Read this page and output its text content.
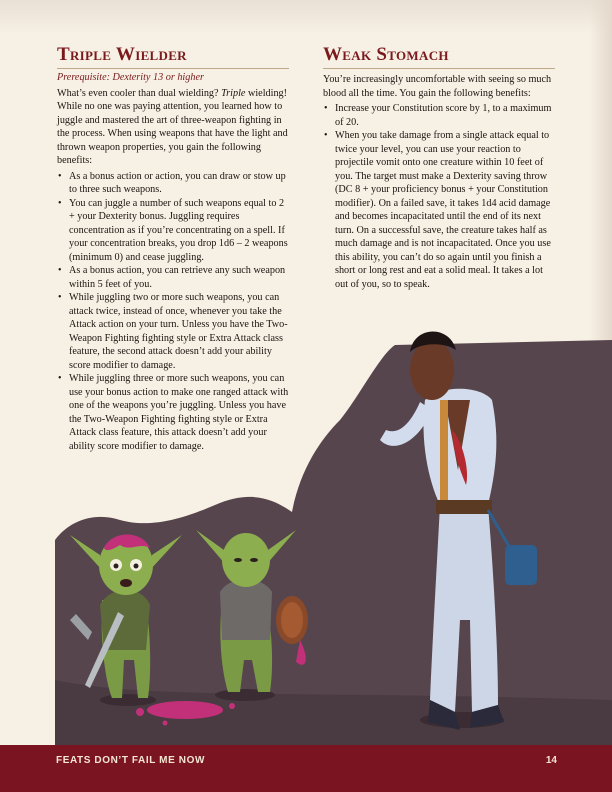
Triple Wielder

Prerequisite: Dexterity 13 or higher

What’s even cooler than dual wielding? Triple wielding! While no one was paying attention, you learned how to juggle and mastered the art of three-weapon fighting in the process. When using weapons that have the light and thrown weapon properties, you gain the following benefits:

• As a bonus action or action, you can draw or stow up to three such weapons.
• You can juggle a number of such weapons equal to 2 + your Dexterity bonus. Juggling requires concentration as if you’re concentrating on a spell. If your concentration breaks, you drop 1d6 – 2 weapons (minimum 0) and cease juggling.
• As a bonus action, you can retrieve any such weapon within 5 feet of you.
• While juggling two or more such weapons, you can attack twice, instead of once, whenever you take the Attack action on your turn. Unless you have the Two-Weapon Fighting fighting style or Extra Attack class feature, the second attack doesn’t add your ability score modifier to damage.
• While juggling three or more such weapons, you can use your bonus action to make one ranged attack with one of the weapons you’re juggling. Unless you have the Two-Weapon Fighting fighting style or Extra Attack class feature, this attack doesn’t add your ability score modifier to damage.
Weak Stomach

You’re increasingly uncomfortable with seeing so much blood all the time. You gain the following benefits:

• Increase your Constitution score by 1, to a maximum of 20.
• When you take damage from a single attack equal to twice your level, you can use your reaction to projectile vomit onto one creature within 10 feet of you. The target must make a Dexterity saving throw (DC 8 + your proficiency bonus + your Constitution modifier). On a failed save, it takes 1d4 acid damage and becomes incapacitated until the end of its next turn. On a successful save, the creature takes half as much damage and is not incapacitated. Once you use this ability, you can’t do so again until you finish a short or long rest and eat a solid meal. It takes a lot out of you, so to speak.
FEATS DON’T FAIL ME NOW	14
